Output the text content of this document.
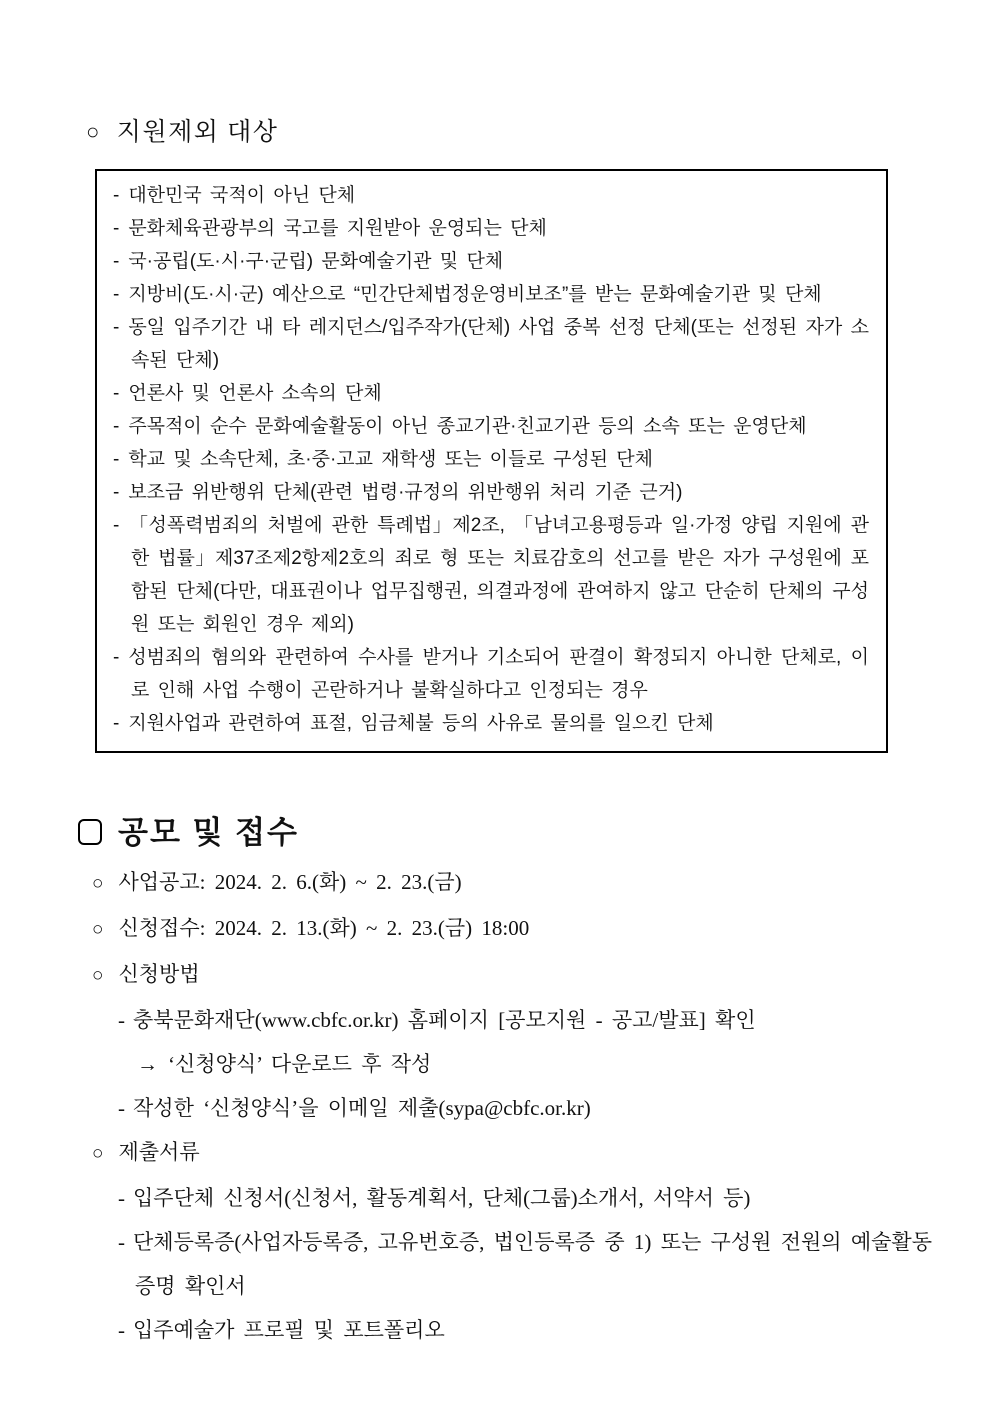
○ 지원제외 대상
- 대한민국 국적이 아닌 단체
- 문화체육관광부의 국고를 지원받아 운영되는 단체
- 국·공립(도·시·구·군립) 문화예술기관 및 단체
- 지방비(도·시·군) 예산으로 “민간단체법정운영비보조”를 받는 문화예술기관 및 단체
- 동일 입주기간 내 타 레지던스/입주작가(단체) 사업 중복 선정 단체(또는 선정된 자가 소속된 단체)
- 언론사 및 언론사 소속의 단체
- 주목적이 순수 문화예술활동이 아닌 종교기관·친교기관 등의 소속 또는 운영단체
- 학교 및 소속단체, 초·중·고교 재학생 또는 이들로 구성된 단체
- 보조금 위반행위 단체(관련 법령·규정의 위반행위 처리 기준 근거)
- 「성폭력범죄의 처벌에 관한 특례법」제2조, 「남녀고용평등과 일·가정 양립 지원에 관한 법률」제37조제2항제2호의 죄로 형 또는 치료감호의 선고를 받은 자가 구성원에 포함된 단체(다만, 대표권이나 업무집행권, 의결과정에 관여하지 않고 단순히 단체의 구성원 또는 회원인 경우 제외)
- 성범죄의 혐의와 관련하여 수사를 받거나 기소되어 판결이 확정되지 아니한 단체로, 이로 인해 사업 수행이 곤란하거나 불확실하다고 인정되는 경우
- 지원사업과 관련하여 표절, 임금체불 등의 사유로 물의를 일으킨 단체
공모 및 접수
○ 사업공고: 2024. 2. 6.(화) ~ 2. 23.(금)
○ 신청접수: 2024. 2. 13.(화) ~ 2. 23.(금) 18:00
○ 신청방법
- 충북문화재단(www.cbfc.or.kr) 홈페이지 [공모지원 - 공고/발표] 확인
→ ‘신청양식’ 다운로드 후 작성
- 작성한 ‘신청양식’을 이메일 제출(sypa@cbfc.or.kr)
○ 제출서류
- 입주단체 신청서(신청서, 활동계획서, 단체(그룹)소개서, 서약서 등)
- 단체등록증(사업자등록증, 고유번호증, 법인등록증 중 1) 또는 구성원 전원의 예술활동증명 확인서
- 입주예술가 프로필 및 포트폴리오
